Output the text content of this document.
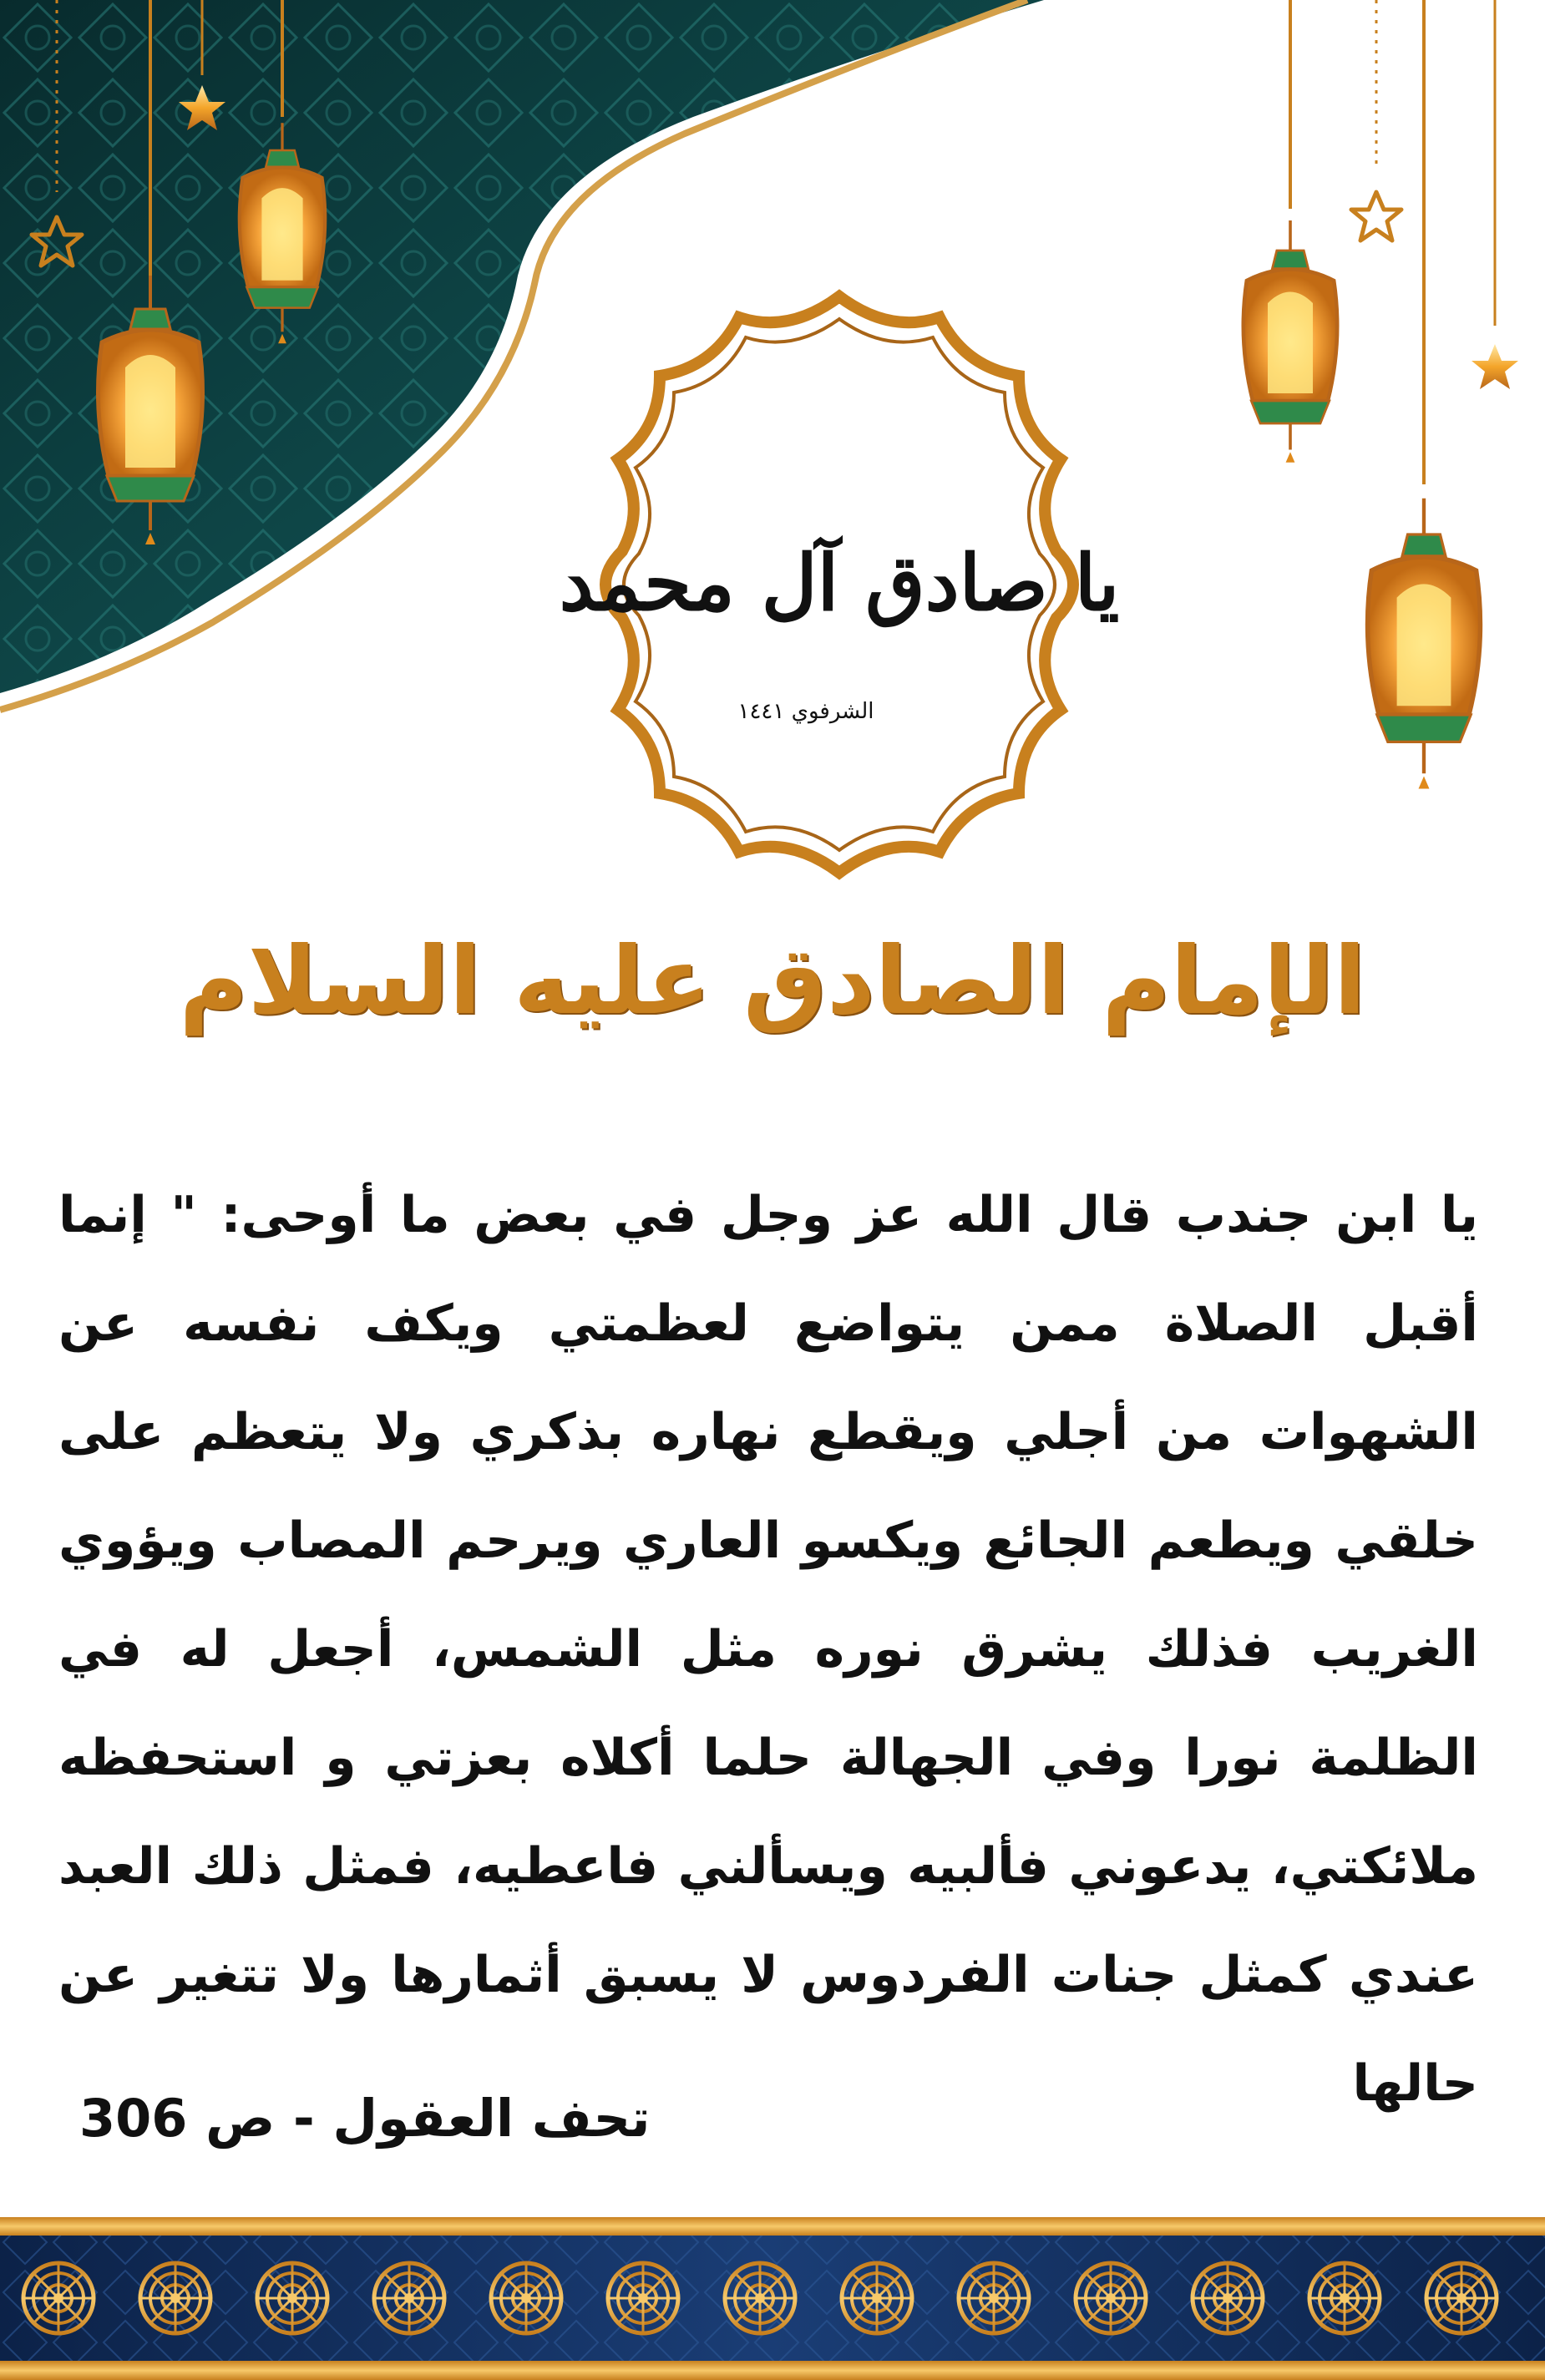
يا صادق آل محمد
الشرفوي ١٤٤١
الإمام الصادق عليه السلام
يا ابن جندب قال الله عز وجل في بعض ما أوحى: " إنما أقبل الصلاة ممن يتواضع لعظمتي ويكف نفسه عن الشهوات من أجلي ويقطع نهاره بذكري ولا يتعظم على خلقي ويطعم الجائع ويكسو العاري ويرحم المصاب ويؤوي الغريب فذلك يشرق نوره مثل الشمس، أجعل له في الظلمة نورا وفي الجهالة حلما أكلاه بعزتي و استحفظه ملائكتي، يدعوني فألبيه ويسألني فاعطيه، فمثل ذلك العبد عندي كمثل جنات الفردوس لا يسبق أثمارها ولا تتغير عن حالها
تحف العقول - ص 306
